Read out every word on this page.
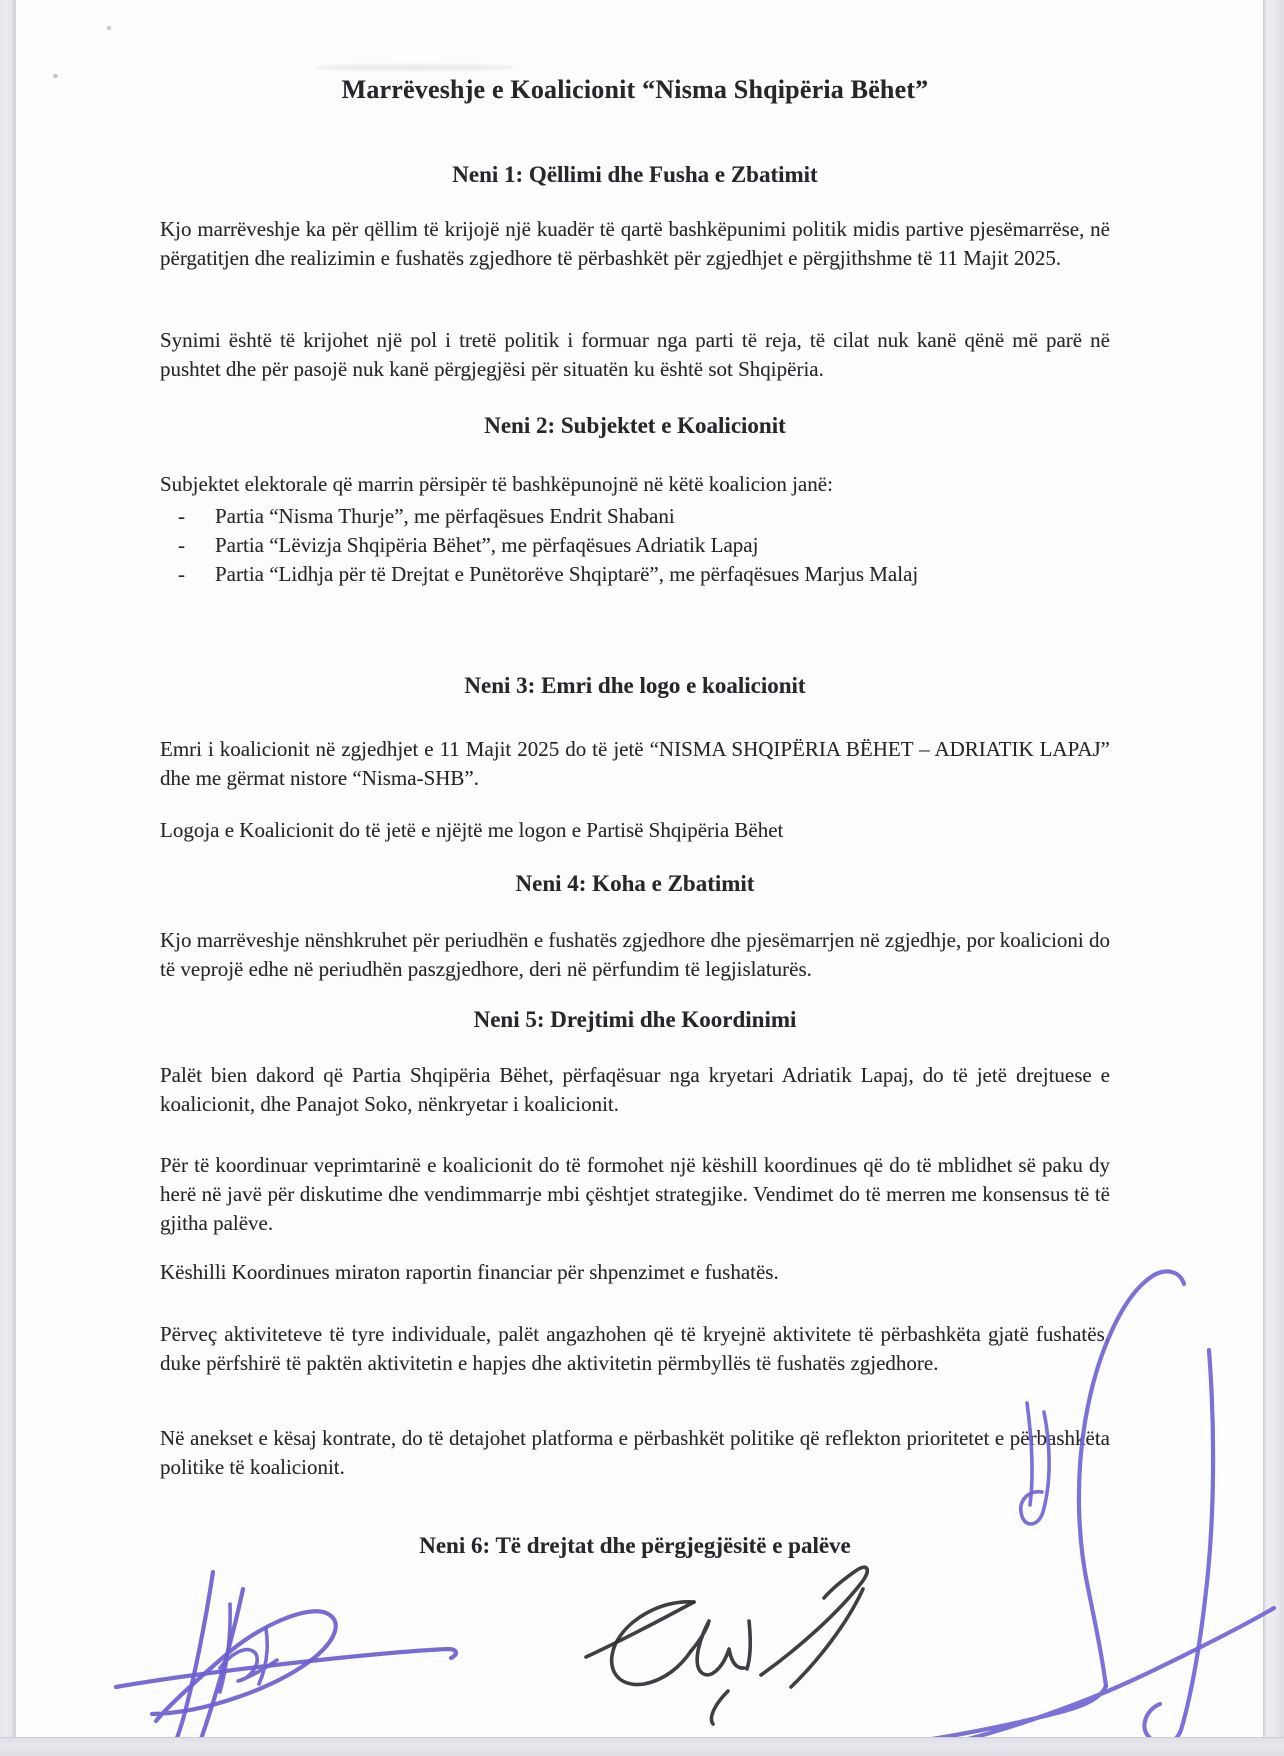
Marrëveshje e Koalicionit “Nisma Shqipëria Bëhet”
Neni 1: Qëllimi dhe Fusha e Zbatimit
Kjo marrëveshje ka për qëllim të krijojë një kuadër të qartë bashkëpunimi politik midis partive pjesëmarrëse, në përgatitjen dhe realizimin e fushatës zgjedhore të përbashkët për zgjedhjet e përgjithshme të 11 Majit 2025.
Synimi është të krijohet një pol i tretë politik i formuar nga parti të reja, të cilat nuk kanë qënë më parë në pushtet dhe për pasojë nuk kanë përgjegjësi për situatën ku është sot Shqipëria.
Neni 2: Subjektet e Koalicionit
Subjektet elektorale që marrin përsipër të bashkëpunojnë në këtë koalicion janë:
- Partia “Nisma Thurje”, me përfaqësues Endrit Shabani
- Partia “Lëvizja Shqipëria Bëhet”, me përfaqësues Adriatik Lapaj
- Partia “Lidhja për të Drejtat e Punëtorëve Shqiptarë”, me përfaqësues Marjus Malaj
Neni 3: Emri dhe logo e koalicionit
Emri i koalicionit në zgjedhjet e 11 Majit 2025 do të jetë “NISMA SHQIPËRIA BËHET – ADRIATIK LAPAJ” dhe me gërmat nistore “Nisma-SHB”.
Logoja e Koalicionit do të jetë e njëjtë me logon e Partisë Shqipëria Bëhet
Neni 4: Koha e Zbatimit
Kjo marrëveshje nënshkruhet për periudhën e fushatës zgjedhore dhe pjesëmarrjen në zgjedhje, por koalicioni do të veprojë edhe në periudhën paszgjedhore, deri në përfundim të legjislaturës.
Neni 5: Drejtimi dhe Koordinimi
Palët bien dakord që Partia Shqipëria Bëhet, përfaqësuar nga kryetari Adriatik Lapaj, do të jetë drejtuese e koalicionit, dhe Panajot Soko, nënkryetar i koalicionit.
Për të koordinuar veprimtarinë e koalicionit do të formohet një këshill koordinues që do të mblidhet së paku dy herë në javë për diskutime dhe vendimmarrje mbi çështjet strategjike. Vendimet do të merren me konsensus të të gjitha palëve.
Këshilli Koordinues miraton raportin financiar për shpenzimet e fushatës.
Përveç aktiviteteve të tyre individuale, palët angazhohen që të kryejnë aktivitete të përbashkëta gjatë fushatës, duke përfshirë të paktën aktivitetin e hapjes dhe aktivitetin përmbyllës të fushatës zgjedhore.
Në anekset e kësaj kontrate, do të detajohet platforma e përbashkët politike që reflekton prioritetet e përbashkëta politike të koalicionit.
Neni 6: Të drejtat dhe përgjegjësitë e palëve
